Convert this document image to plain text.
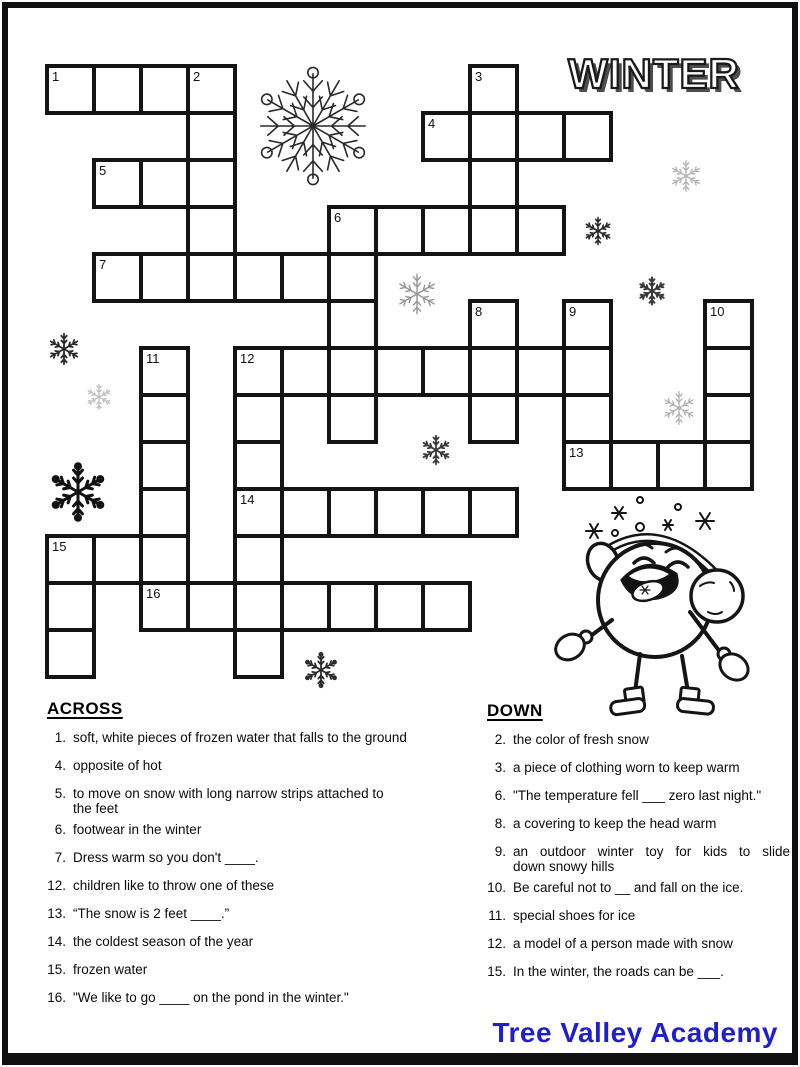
WINTER
1	2	3
4
5
6
7
8	9	10
11	12
13
14
15
16
ACROSS
1. soft, white pieces of frozen water that falls to the ground
4. opposite of hot
5. to move on snow with long narrow strips attached to
the feet
6. footwear in the winter
7. Dress warm so you don't ____.
12. children like to throw one of these
13. “The snow is 2 feet ____.”
14. the coldest season of the year
15. frozen water
16. "We like to go ____ on the pond in the winter."
DOWN
2. the color of fresh snow
3. a piece of clothing worn to keep warm
6. "The temperature fell ___ zero last night."
8. a covering to keep the head warm
9. an outdoor winter toy for kids to slide
down snowy hills
10. Be careful not to __ and fall on the ice.
11. special shoes for ice
12. a model of a person made with snow
15. In the winter, the roads can be ___.
Tree Valley Academy
